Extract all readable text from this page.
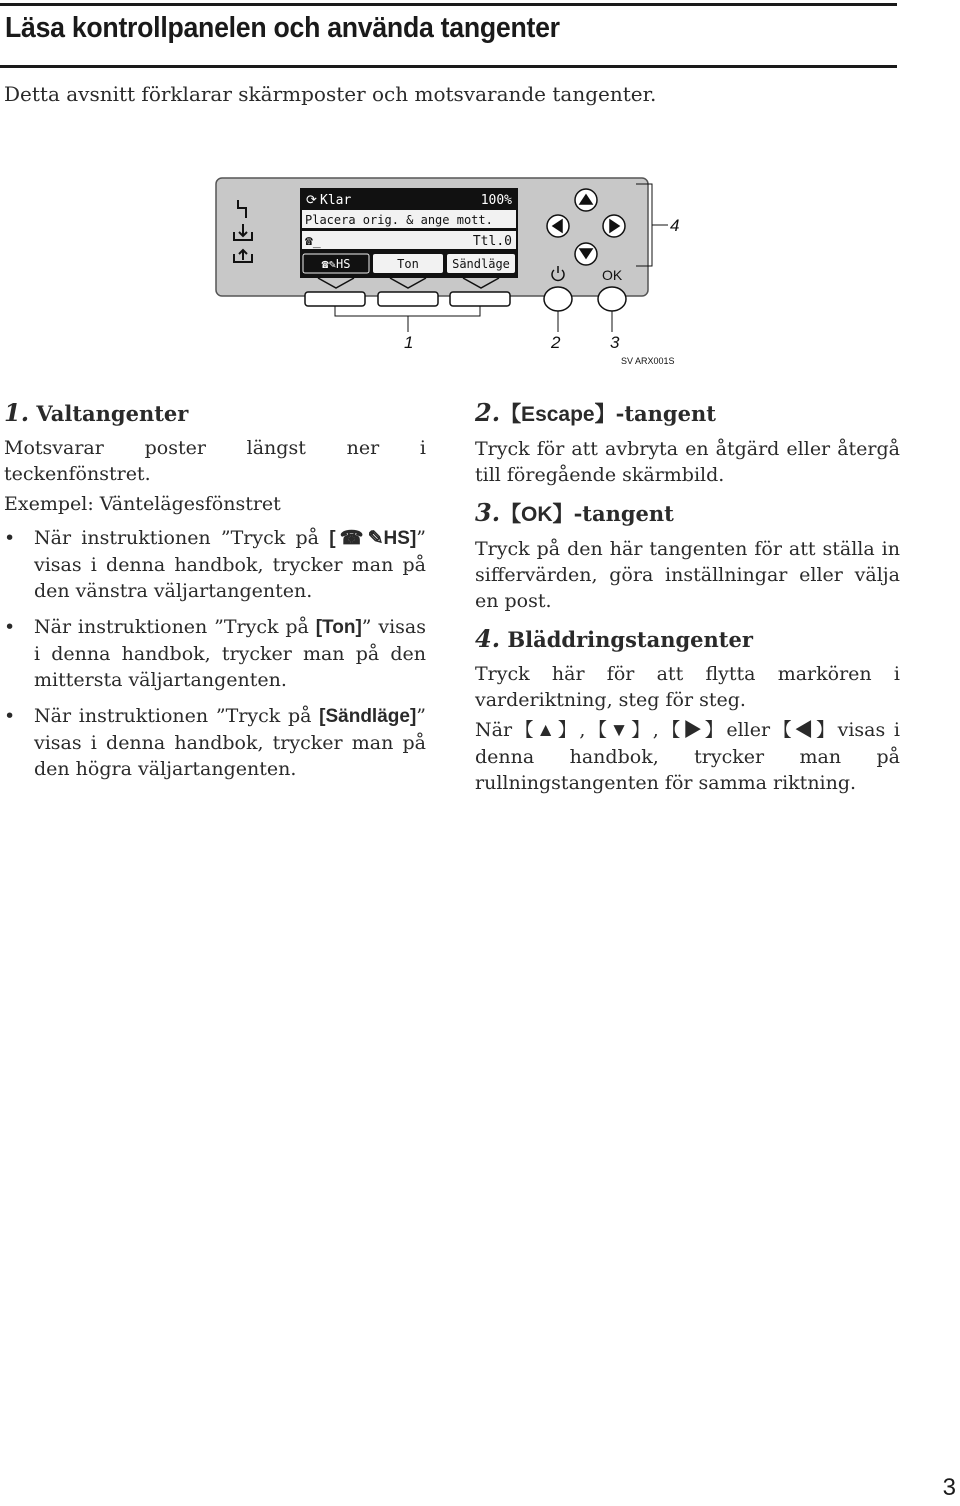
Läsa kontrollpanelen och använda tangenter
Detta avsnitt förklarar skärmposter och motsvarande tangenter.
⟳ Klar	100%
Placera orig. & ange mott.
☎_	Ttl.0
☎✎HS	Ton	Sändläge
OK
1	2	3
4
SV ARX001S
1. Valtangenter

Motsvarar poster längst ner i teckenfönstret.

Exempel: Väntelägesfönstret

• När instruktionen ”Tryck på [☎✎HS]” visas i denna handbok, trycker man på den vänstra väljartangenten.
• När instruktionen ”Tryck på [Ton]” visas i denna handbok, trycker man på den mittersta väljartangenten.
• När instruktionen ”Tryck på [Sändläge]” visas i denna handbok, trycker man på den högra väljartangenten.
2.【Escape】-tangent

Tryck för att avbryta en åtgärd eller återgå till föregående skärmbild.

3.【OK】-tangent

Tryck på den här tangenten för att ställa in siffervärden, göra inställningar eller välja en post.

4. Bläddringstangenter

Tryck här för att flytta markören i varderiktning, steg för steg.

När【▲】,【▼】,【▶】eller【◀】visas i denna handbok, trycker man på rullningstangenten för samma riktning.

3
